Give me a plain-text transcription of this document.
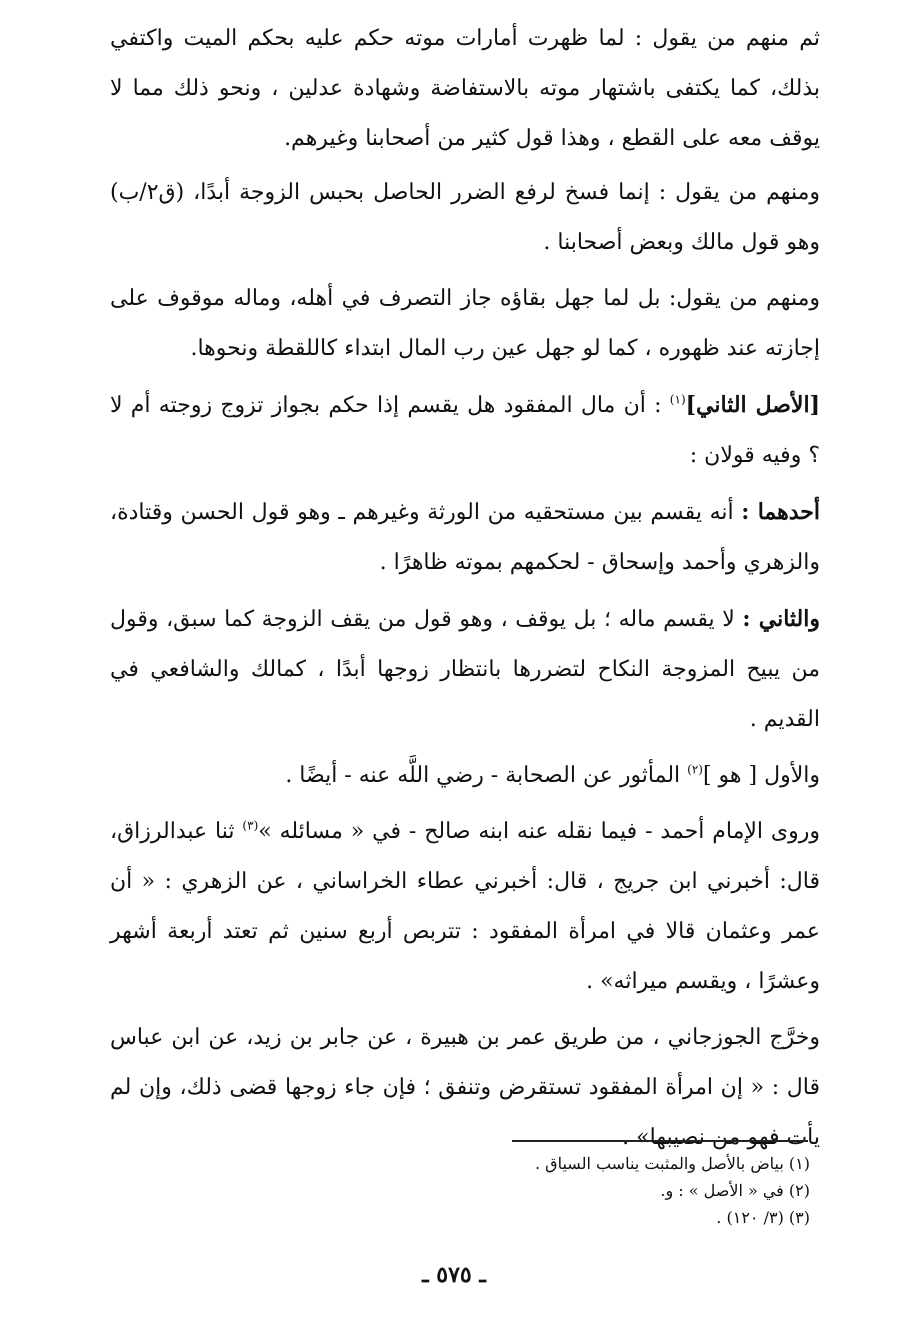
ثم منهم من يقول : لما ظهرت أمارات موته حكم عليه بحكم الميت واكتفي بذلك، كما يكتفى باشتهار موته بالاستفاضة وشهادة عدلين ، ونحو ذلك مما لا يوقف معه على القطع ، وهذا قول كثير من أصحابنا وغيرهم.

ومنهم من يقول : إنما فسخ لرفع الضرر الحاصل بحبس الزوجة أبدًا، (ق٢/ب) وهو قول مالك وبعض أصحابنا .

ومنهم من يقول: بل لما جهل بقاؤه جاز التصرف في أهله، وماله موقوف على إجازته عند ظهوره ، كما لو جهل عين رب المال ابتداء كاللقطة ونحوها.

[الأصل الثاني]$^{(١)}$ : أن مال المفقود هل يقسم إذا حكم بجواز تزوج زوجته أم لا ؟ وفيه قولان :

أحدهما : أنه يقسم بين مستحقيه من الورثة وغيرهم ـ وهو قول الحسن وقتادة، والزهري وأحمد وإسحاق - لحكمهم بموته ظاهرًا .

والثاني : لا يقسم ماله ؛ بل يوقف ، وهو قول من يقف الزوجة كما سبق، وقول من يبيح المزوجة النكاح لتضررها بانتظار زوجها أبدًا ، كمالك والشافعي في القديم .

والأول [ هو ]$^{(٢)}$ المأثور عن الصحابة - رضي اللَّه عنه - أيضًا .

وروى الإمام أحمد - فيما نقله عنه ابنه صالح - في « مسائله »$^{(٣)}$ ثنا عبدالرزاق، قال: أخبرني ابن جريج ، قال: أخبرني عطاء الخراساني ، عن الزهري : « أن عمر وعثمان قالا في امرأة المفقود : تتربص أربع سنين ثم تعتد أربعة أشهر وعشرًا ، ويقسم ميراثه» .

وخرَّج الجوزجاني ، من طريق عمر بن هبيرة ، عن جابر بن زيد، عن ابن عباس قال : « إن امرأة المفقود تستقرض وتنفق ؛ فإن جاء زوجها قضى ذلك، وإن لم يأت فهو من نصيبها» .

(١) بياض بالأصل والمثبت يناسب السياق .

(٢) في « الأصل » : و.

(٣) (٣/ ١٢٠) .

ـ ٥٧٥ ـ
